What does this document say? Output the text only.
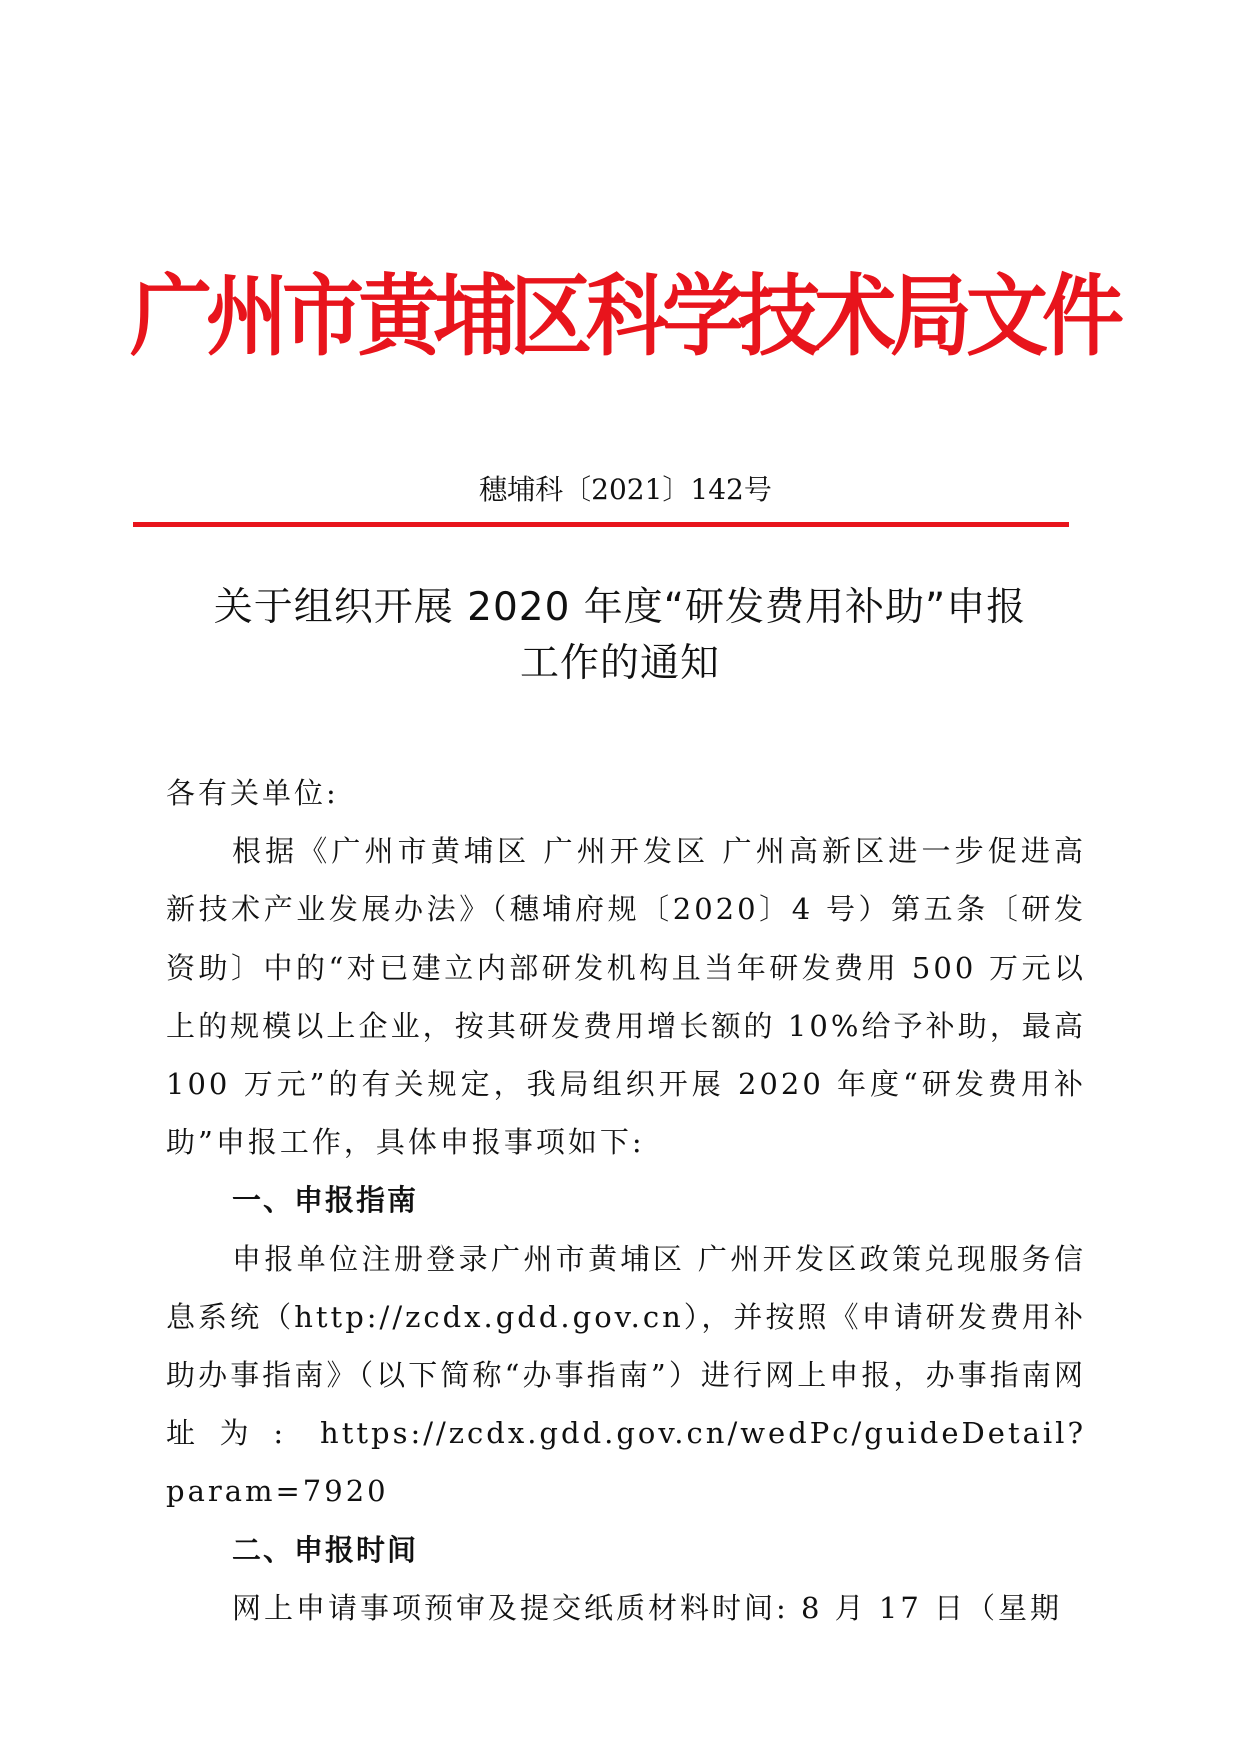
广州市黄埔区科学技术局文件
穗埔科〔2021〕142号
关于组织开展 2020 年度“研发费用补助”申报
工作的通知

各有关单位:

根据《广州市黄埔区 广州开发区 广州高新区进一步促进高新技术产业发展办法》（穗埔府规〔2020〕4 号）第五条〔研发资助〕中的“对已建立内部研发机构且当年研发费用 500 万元以上的规模以上企业，按其研发费用增长额的 10%给予补助，最高 100 万元”的有关规定，我局组织开展 2020 年度“研发费用补助”申报工作，具体申报事项如下:

一、申报指南

申报单位注册登录广州市黄埔区 广州开发区政策兑现服务信息系统（http://zcdx.gdd.gov.cn），并按照《申请研发费用补助办事指南》（以下简称“办事指南”）进行网上申报，办事指南网址为: https://zcdx.gdd.gov.cn/wedPc/guideDetail?param=7920

二、申报时间

网上申请事项预审及提交纸质材料时间: 8 月 17 日（星期
